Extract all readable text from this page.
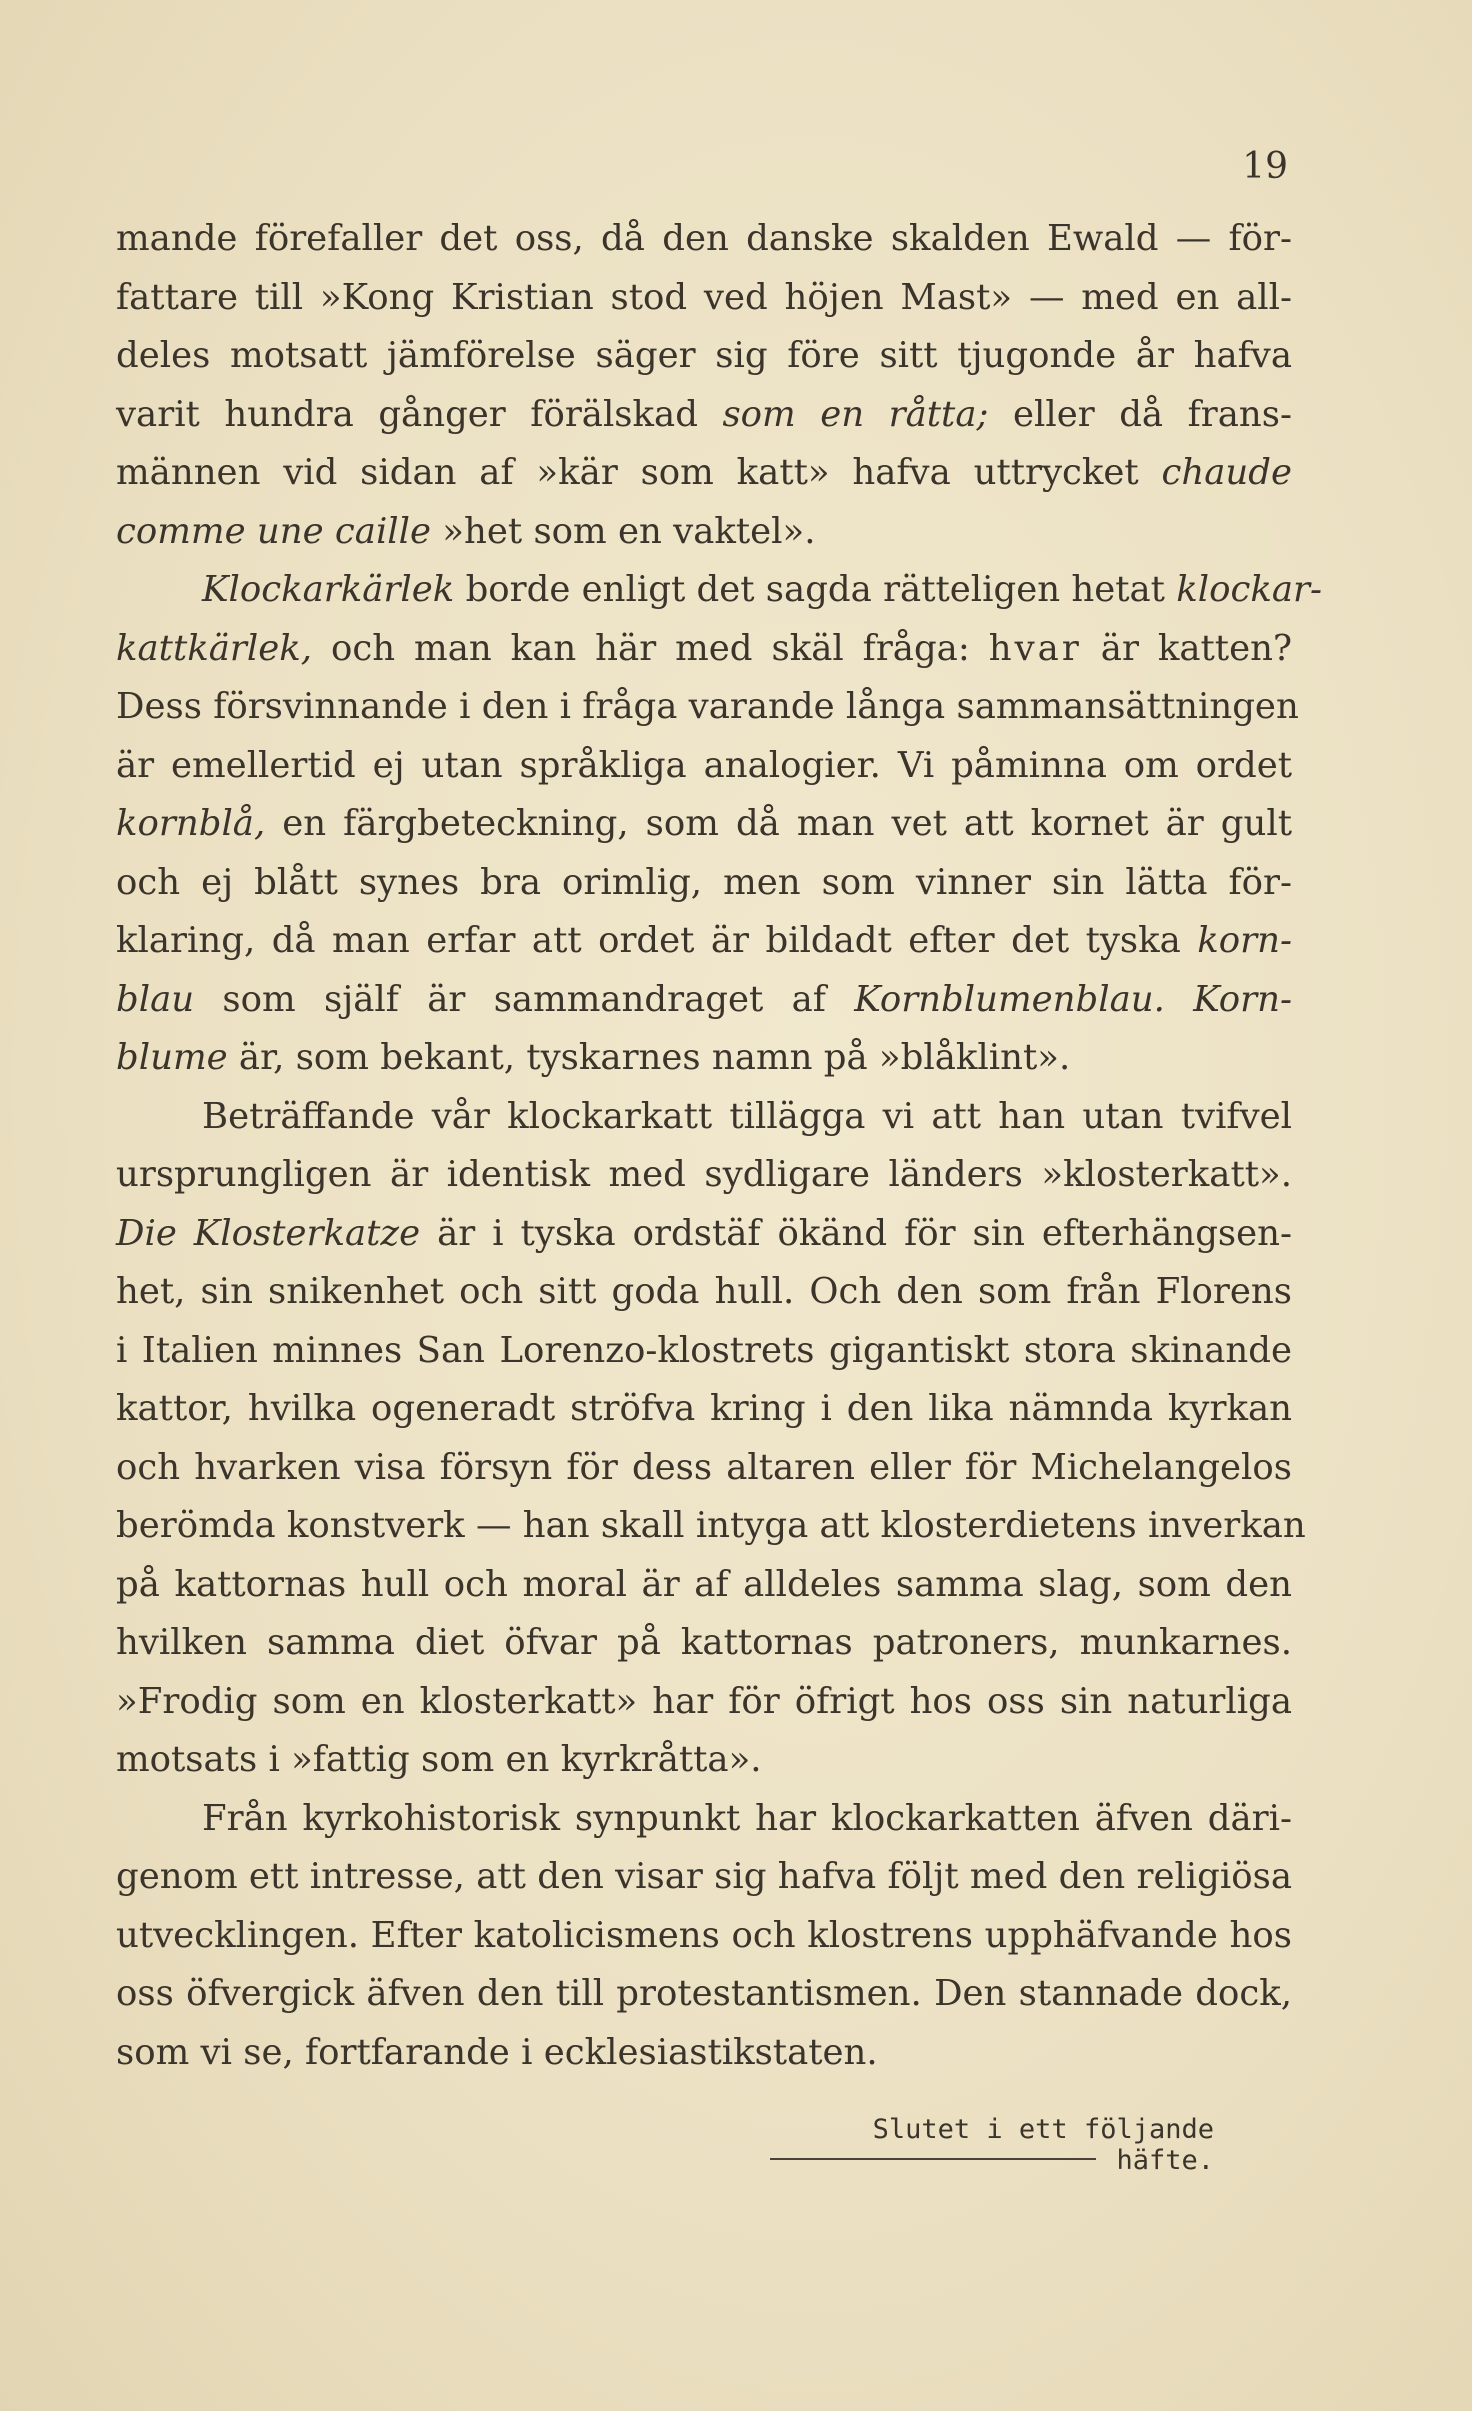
19
mande förefaller det oss, då den danske skalden Ewald — för-
fattare till »Kong Kristian stod ved höjen Mast» — med en all-
deles motsatt jämförelse säger sig före sitt tjugonde år hafva
varit hundra gånger förälskad som en råtta; eller då frans-
männen vid sidan af »kär som katt» hafva uttrycket chaude
comme une caille »het som en vaktel».
Klockarkärlek borde enligt det sagda rätteligen hetat klockar-
kattkärlek, och man kan här med skäl fråga: hvar är katten?
Dess försvinnande i den i fråga varande långa sammansättningen
är emellertid ej utan språkliga analogier. Vi påminna om ordet
kornblå, en färgbeteckning, som då man vet att kornet är gult
och ej blått synes bra orimlig, men som vinner sin lätta för-
klaring, då man erfar att ordet är bildadt efter det tyska korn-
blau som själf är sammandraget af Kornblumenblau. Korn-
blume är, som bekant, tyskarnes namn på »blåklint».
Beträffande vår klockarkatt tillägga vi att han utan tvifvel
ursprungligen är identisk med sydligare länders »klosterkatt».
Die Klosterkatze är i tyska ordstäf ökänd för sin efterhängsen-
het, sin snikenhet och sitt goda hull. Och den som från Florens
i Italien minnes San Lorenzo-klostrets gigantiskt stora skinande
kattor, hvilka ogeneradt ströfva kring i den lika nämnda kyrkan
och hvarken visa försyn för dess altaren eller för Michelangelos
berömda konstverk — han skall intyga att klosterdietens inverkan
på kattornas hull och moral är af alldeles samma slag, som den
hvilken samma diet öfvar på kattornas patroners, munkarnes.
»Frodig som en klosterkatt» har för öfrigt hos oss sin naturliga
motsats i »fattig som en kyrkråtta».
Från kyrkohistorisk synpunkt har klockarkatten äfven däri-
genom ett intresse, att den visar sig hafva följt med den religiösa
utvecklingen. Efter katolicismens och klostrens upphäfvande hos
oss öfvergick äfven den till protestantismen. Den stannade dock,
som vi se, fortfarande i ecklesiastikstaten.
Slutet i ett följande häfte.
